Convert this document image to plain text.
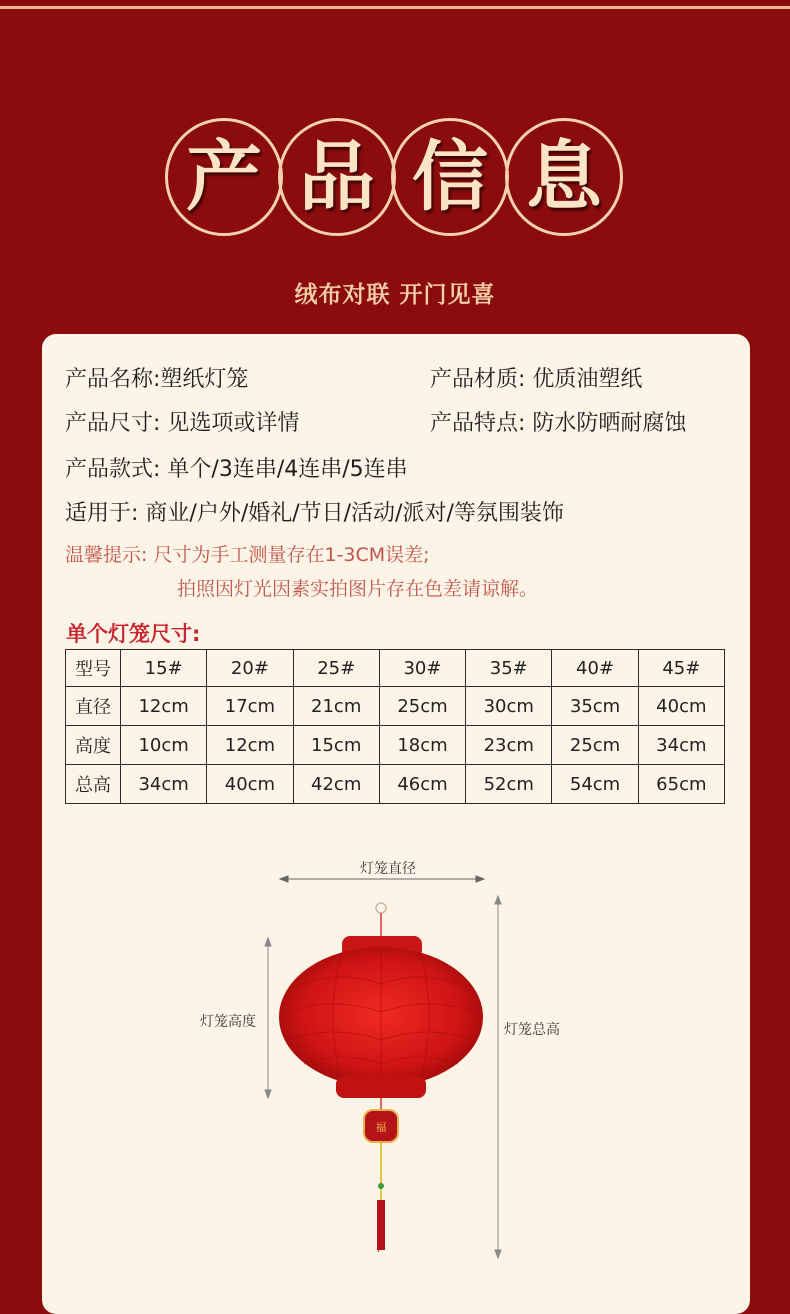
产 品 信 息
绒布对联 开门见喜
产品名称:塑纸灯笼	产品材质: 优质油塑纸
产品尺寸: 见选项或详情	产品特点: 防水防晒耐腐蚀
产品款式: 单个/3连串/4连串/5连串
适用于: 商业/户外/婚礼/节日/活动/派对/等氛围装饰
温馨提示: 尺寸为手工测量存在1-3CM误差;
拍照因灯光因素实拍图片存在色差请谅解。
单个灯笼尺寸:
型号	15#	20#	25#	30#	35#	40#	45#
直径	12cm	17cm	21cm	25cm	30cm	35cm	40cm
高度	10cm	12cm	15cm	18cm	23cm	25cm	34cm
总高	34cm	40cm	42cm	46cm	52cm	54cm	65cm
灯笼直径
灯笼高度	灯笼总高
福
